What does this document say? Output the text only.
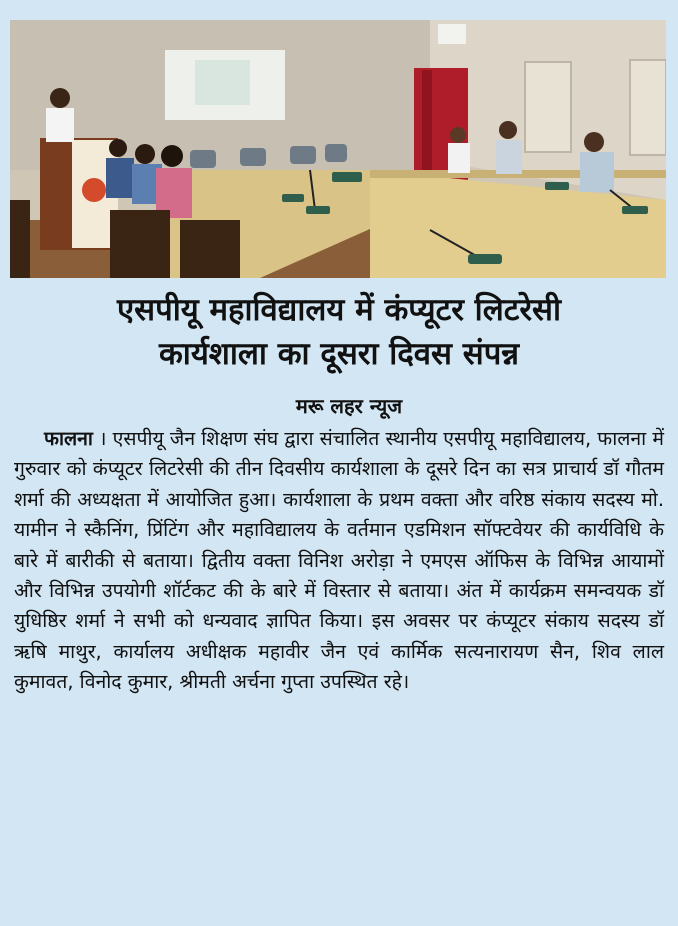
एसपीयू महाविद्यालय में कंप्यूटर लिटरेसी
कार्यशाला का दूसरा दिवस संपन्न
मरू लहर न्यूज
फालना । एसपीयू जैन शिक्षण संघ द्वारा संचालित स्थानीय एसपीयू महाविद्यालय, फालना में गुरुवार को कंप्यूटर लिटरेसी की तीन दिवसीय कार्यशाला के दूसरे दिन का सत्र प्राचार्य डॉ गौतम शर्मा की अध्यक्षता में आयोजित हुआ। कार्यशाला के प्रथम वक्ता और वरिष्ठ संकाय सदस्य मो. यामीन ने स्कैनिंग, प्रिंटिंग और महाविद्यालय के वर्तमान एडमिशन सॉफ्टवेयर की कार्यविधि के बारे में बारीकी से बताया। द्वितीय वक्ता विनिश अरोड़ा ने एमएस ऑफिस के विभिन्न आयामों और विभिन्न उपयोगी शॉर्टकट की के बारे में विस्तार से बताया। अंत में कार्यक्रम समन्वयक डॉ युधिष्ठिर शर्मा ने सभी को धन्यवाद ज्ञापित किया। इस अवसर पर कंप्यूटर संकाय सदस्य डॉ ऋषि माथुर, कार्यालय अधीक्षक महावीर जैन एवं कार्मिक सत्यनारायण सैन, शिव लाल कुमावत, विनोद कुमार, श्रीमती अर्चना गुप्ता उपस्थित रहे।
